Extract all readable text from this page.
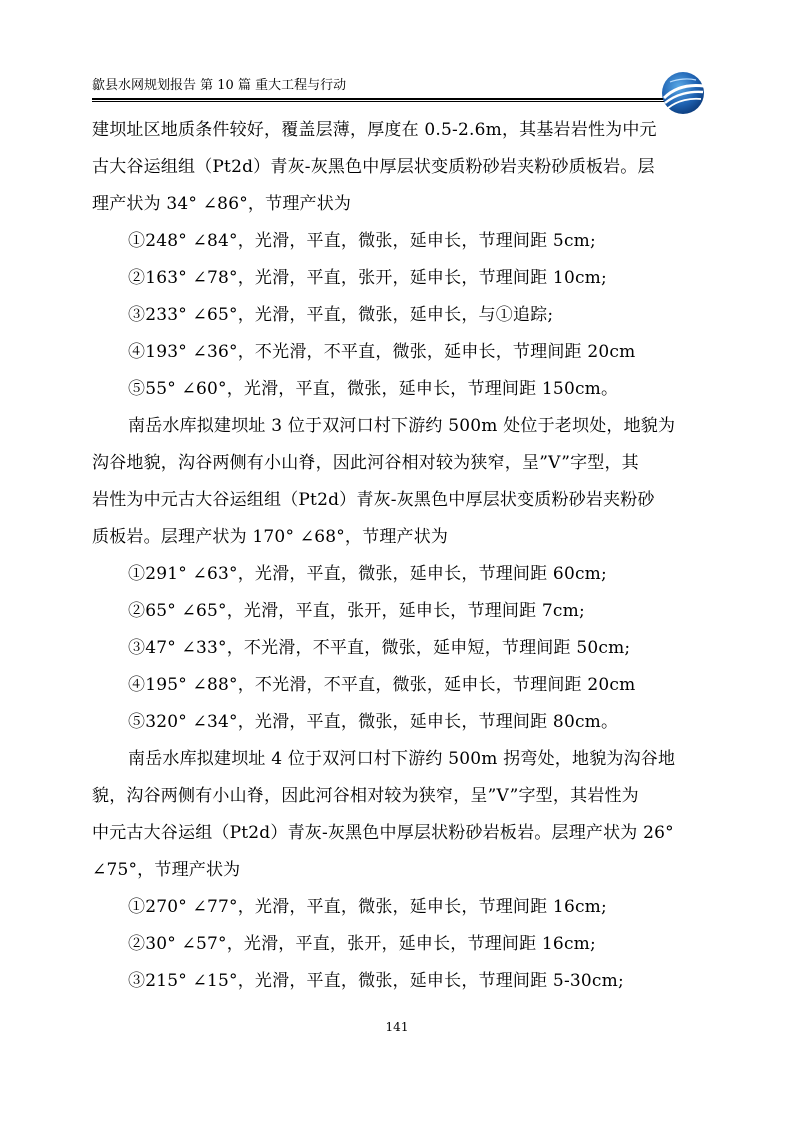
歙县水网规划报告 第 10 篇 重大工程与行动
建坝址区地质条件较好，覆盖层薄，厚度在 0.5-2.6m，其基岩岩性为中元
古大谷运组组（Pt2d）青灰-灰黑色中厚层状变质粉砂岩夹粉砂质板岩。层
理产状为 34° ∠86°，节理产状为
①248° ∠84°，光滑，平直，微张，延申长，节理间距 5cm;
②163° ∠78°，光滑，平直，张开，延申长，节理间距 10cm;
③233° ∠65°，光滑，平直，微张，延申长，与①追踪;
④193° ∠36°，不光滑，不平直，微张，延申长，节理间距 20cm
⑤55° ∠60°，光滑，平直，微张，延申长，节理间距 150cm。
南岳水库拟建坝址 3 位于双河口村下游约 500m 处位于老坝处，地貌为
沟谷地貌，沟谷两侧有小山脊，因此河谷相对较为狭窄，呈”V”字型，其
岩性为中元古大谷运组组（Pt2d）青灰-灰黑色中厚层状变质粉砂岩夹粉砂
质板岩。层理产状为 170° ∠68°，节理产状为
①291° ∠63°，光滑，平直，微张，延申长，节理间距 60cm;
②65° ∠65°，光滑，平直，张开，延申长，节理间距 7cm;
③47° ∠33°，不光滑，不平直，微张，延申短，节理间距 50cm;
④195° ∠88°，不光滑，不平直，微张，延申长，节理间距 20cm
⑤320° ∠34°，光滑，平直，微张，延申长，节理间距 80cm。
南岳水库拟建坝址 4 位于双河口村下游约 500m 拐弯处，地貌为沟谷地
貌，沟谷两侧有小山脊，因此河谷相对较为狭窄，呈”V”字型，其岩性为
中元古大谷运组（Pt2d）青灰-灰黑色中厚层状粉砂岩板岩。层理产状为 26°
∠75°，节理产状为
①270° ∠77°，光滑，平直，微张，延申长，节理间距 16cm;
②30° ∠57°，光滑，平直，张开，延申长，节理间距 16cm;
③215° ∠15°，光滑，平直，微张，延申长，节理间距 5-30cm;
141
